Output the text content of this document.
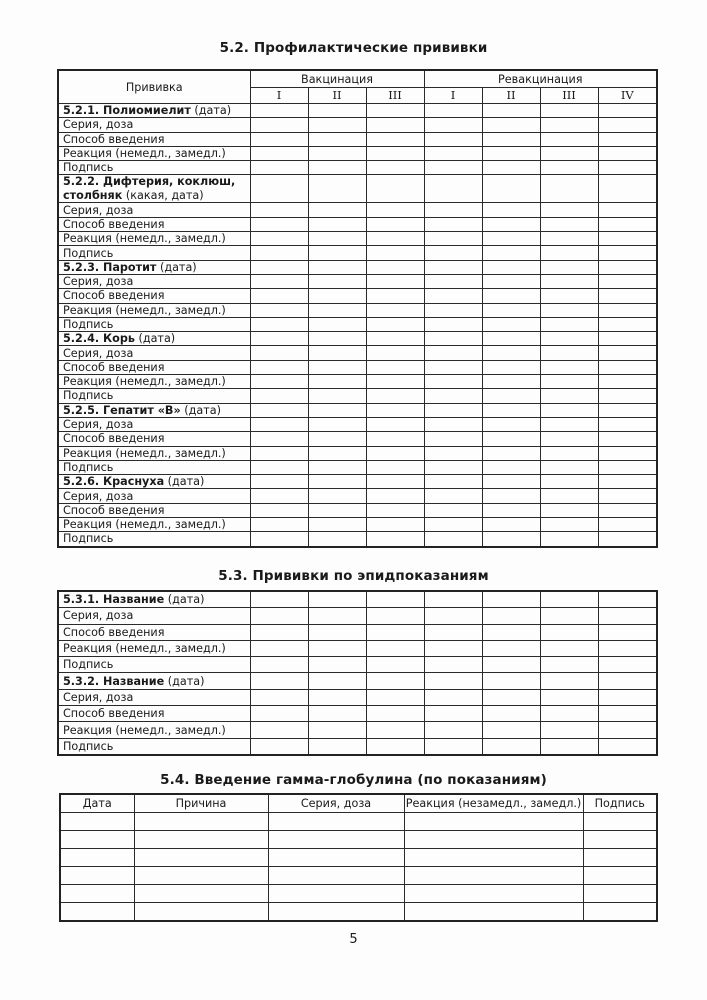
5.2. Профилактические прививки
Прививка	Вакцинация			Ревакцинация			
	I	II	III	I	II	III	IV
5.2.1. Полиомиелит (дата)							
Серия, доза							
Способ введения							
Реакция (немедл., замедл.)							
Подпись							
5.2.2. Дифтерия, коклюш, столбняк (какая, дата)							
Серия, доза							
Способ введения							
Реакция (немедл., замедл.)							
Подпись							
5.2.3. Паротит (дата)							
Серия, доза							
Способ введения							
Реакция (немедл., замедл.)							
Подпись							
5.2.4. Корь (дата)							
Серия, доза							
Способ введения							
Реакция (немедл., замедл.)							
Подпись							
5.2.5. Гепатит «В» (дата)							
Серия, доза							
Способ введения							
Реакция (немедл., замедл.)							
Подпись							
5.2.6. Краснуха (дата)							
Серия, доза							
Способ введения							
Реакция (немедл., замедл.)							
Подпись							
5.3. Прививки по эпидпоказаниям
5.3.1. Название (дата)							
Серия, доза							
Способ введения							
Реакция (немедл., замедл.)							
Подпись							
5.3.2. Название (дата)							
Серия, доза							
Способ введения							
Реакция (немедл., замедл.)							
Подпись							
5.4. Введение гамма-глобулина (по показаниям)
Дата	Причина	Серия, доза	Реакция (незамедл., замедл.)	Подпись

5
